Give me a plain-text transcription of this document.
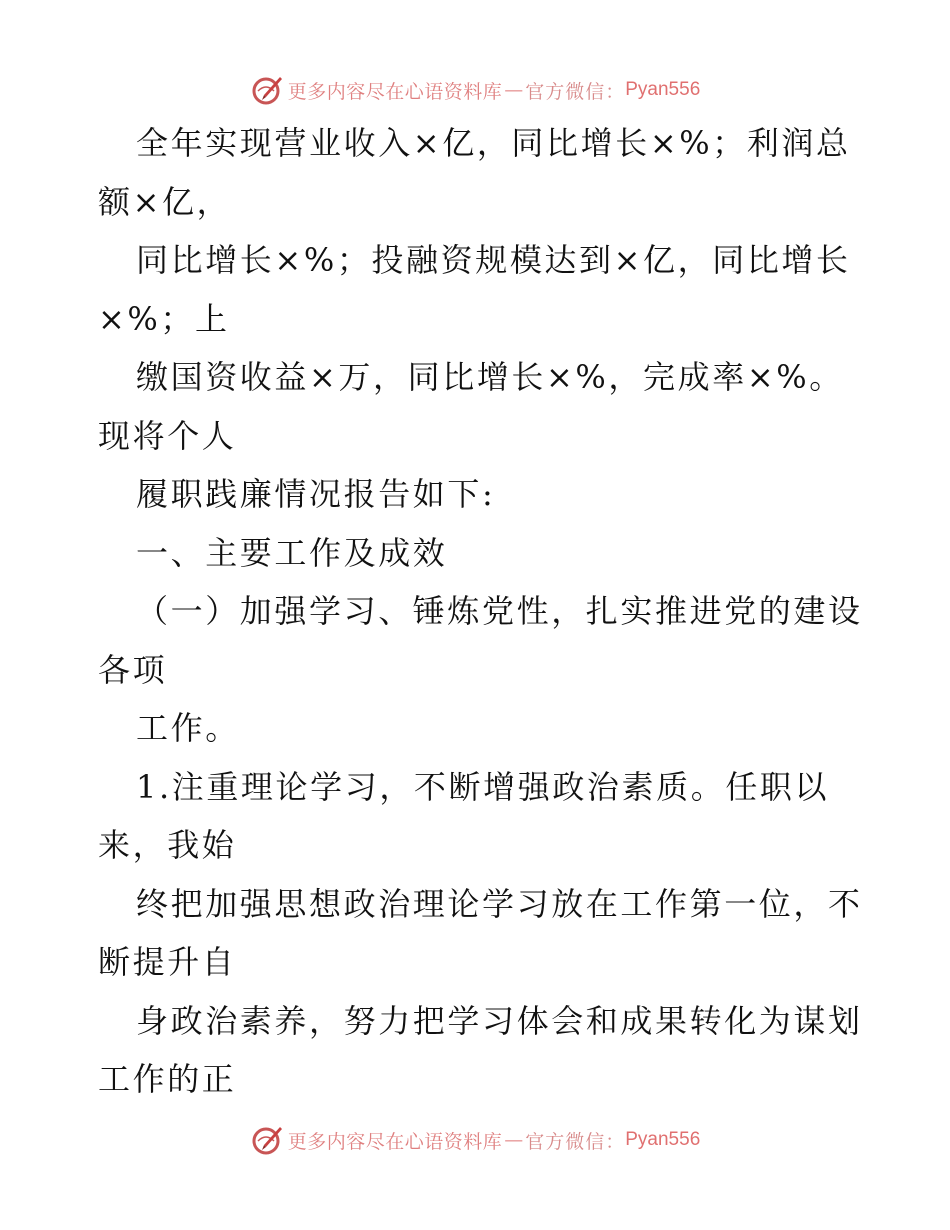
更多内容尽在心语资料库 — 官方微信： Pyan556
全年实现营业收入×亿，同比增长×%；利润总
额×亿，
同比增长×%；投融资规模达到×亿，同比增长
×%；上
缴国资收益×万，同比增长×%，完成率×%。
现将个人
履职践廉情况报告如下:
一、主要工作及成效
（一）加强学习、锤炼党性，扎实推进党的建设
各项
工作。
1.注重理论学习，不断增强政治素质。任职以
来，我始
终把加强思想政治理论学习放在工作第一位，不
断提升自
身政治素养，努力把学习体会和成果转化为谋划
工作的正
更多内容尽在心语资料库 — 官方微信： Pyan556
